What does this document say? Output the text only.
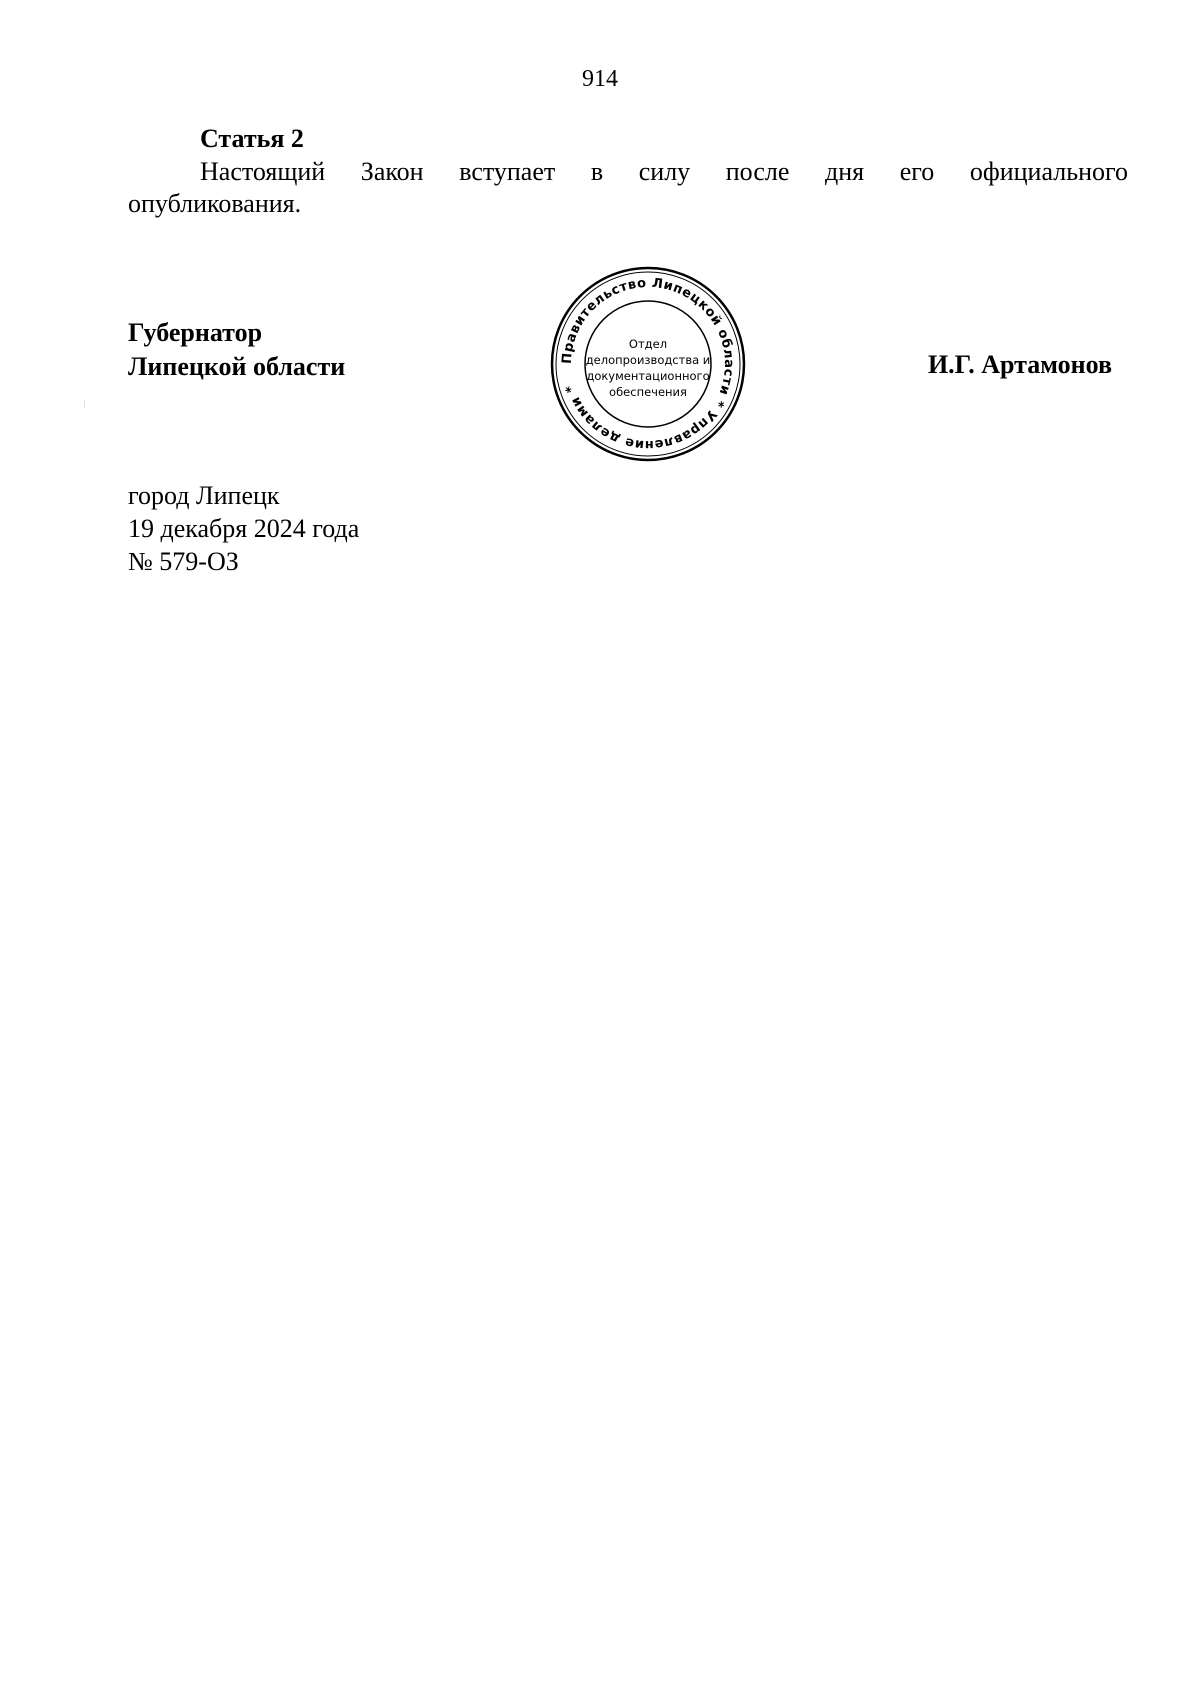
914
Статья 2
Настоящий Закон вступает в силу после дня его официального
опубликования.
Губернатор
Липецкой области	Правительство Липецкой области * Управление делами *
Отдел
делопроизводства и
документационного
обеспечения
И.Г. Артамонов
город Липецк
19 декабря 2024 года
№ 579-ОЗ
